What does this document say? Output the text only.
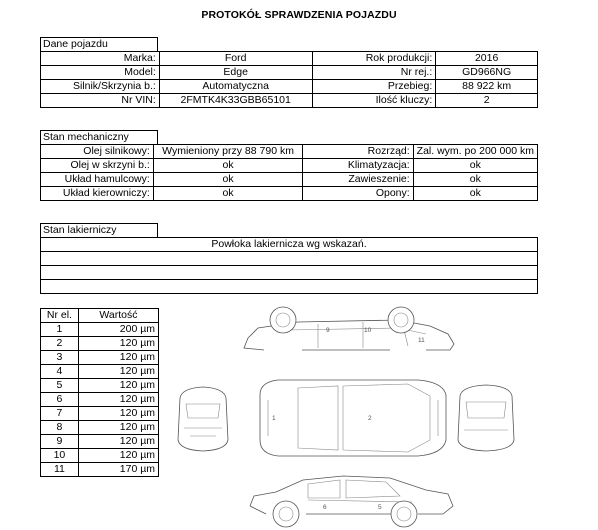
PROTOKÓŁ SPRAWDZENIA POJAZDU
Dane pojazdu
Marka:	Ford	Rok produkcji:	2016
Model:	Edge	Nr rej.:	GD966NG
Silnik/Skrzynia b.:	Automatyczna	Przebieg:	88 922 km
Nr VIN:	2FMTK4K33GBB65101	Ilość kluczy:	2
Stan mechaniczny
Olej silnikowy:	Wymieniony przy 88 790 km	Rozrząd:	Zal. wym. po 200 000 km
Olej w skrzyni b.:	ok	Klimatyzacja:	ok
Układ hamulcowy:	ok	Zawieszenie:	ok
Układ kierowniczy:	ok	Opony:	ok
Stan lakierniczy
Powłoka lakiernicza wg wskazań.

Nr el.	Wartość
1	200 µm
2	120 µm
3	120 µm
4	120 µm
5	120 µm
6	120 µm
7	120 µm
8	120 µm
9	120 µm
10	120 µm
11	170 µm
9	10
11
1	2
6	5
